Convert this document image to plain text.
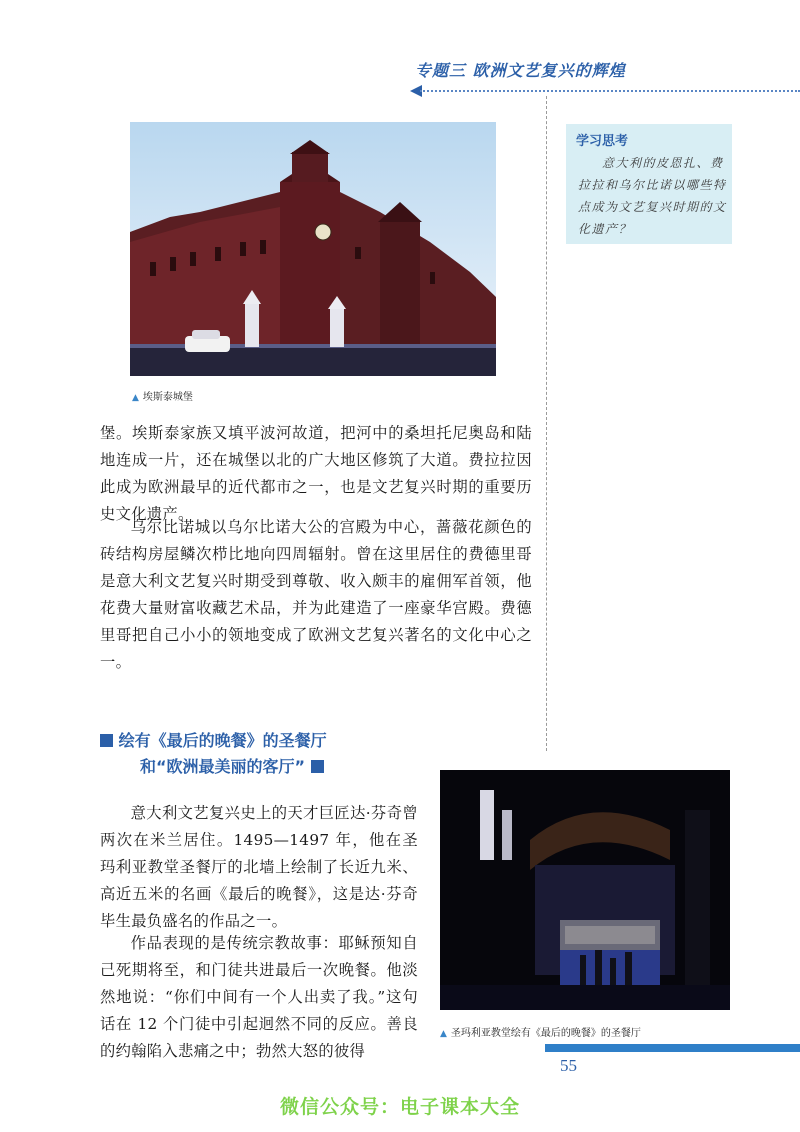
专题三 欧洲文艺复兴的辉煌
▲ 埃斯泰城堡
学习思考
意大利的皮恩扎、费拉拉和乌尔比诺以哪些特点成为文艺复兴时期的文化遗产？
堡。埃斯泰家族又填平波河故道，把河中的桑坦托尼奥岛和陆地连成一片，还在城堡以北的广大地区修筑了大道。费拉拉因此成为欧洲最早的近代都市之一，也是文艺复兴时期的重要历史文化遗产。
乌尔比诺城以乌尔比诺大公的宫殿为中心，蔷薇花颜色的砖结构房屋鳞次栉比地向四周辐射。曾在这里居住的费德里哥是意大利文艺复兴时期受到尊敬、收入颇丰的雇佣军首领，他花费大量财富收藏艺术品，并为此建造了一座豪华宫殿。费德里哥把自己小小的领地变成了欧洲文艺复兴著名的文化中心之一。
绘有《最后的晚餐》的圣餐厅
和“欧洲最美丽的客厅”
意大利文艺复兴史上的天才巨匠达·芬奇曾两次在米兰居住。1495—1497 年，他在圣玛利亚教堂圣餐厅的北墙上绘制了长近九米、高近五米的名画《最后的晚餐》，这是达·芬奇毕生最负盛名的作品之一。
作品表现的是传统宗教故事：耶稣预知自己死期将至，和门徒共进最后一次晚餐。他淡然地说：“你们中间有一个人出卖了我。”这句话在 12 个门徒中引起迥然不同的反应。善良的约翰陷入悲痛之中；勃然大怒的彼得
▲ 圣玛利亚教堂绘有《最后的晚餐》的圣餐厅
55
微信公众号：电子课本大全
